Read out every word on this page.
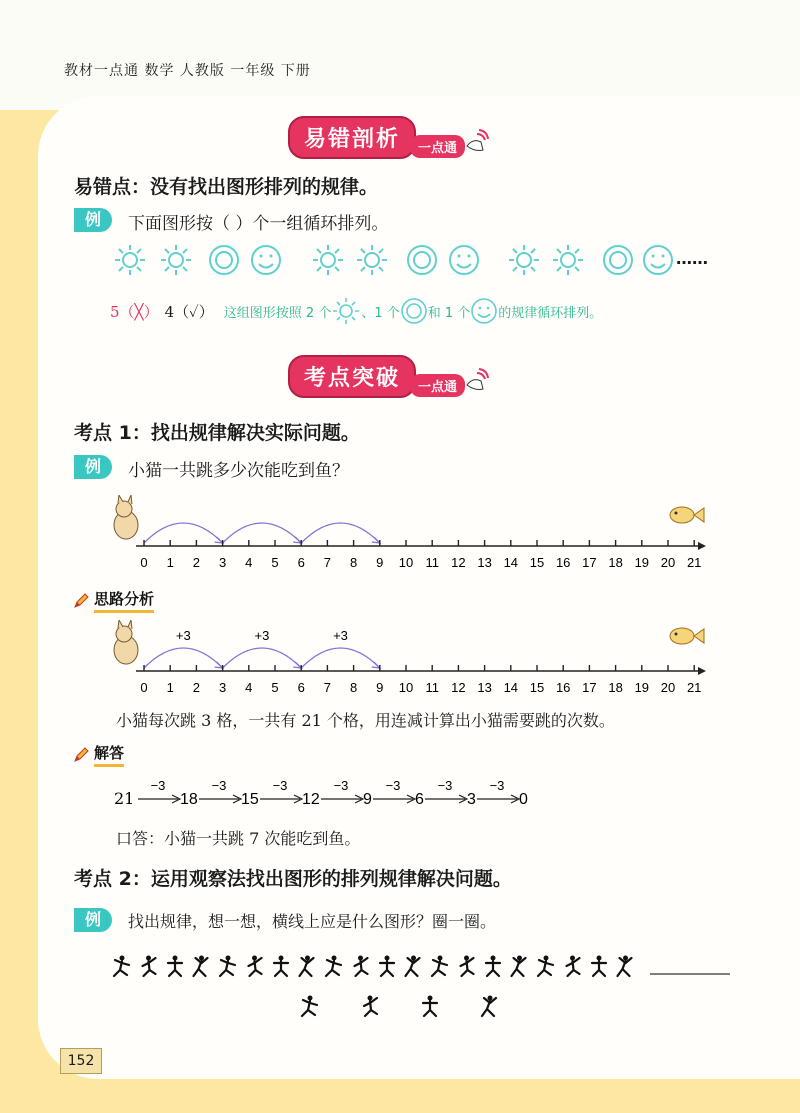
教材一点通 数学 人教版 一年级 下册
易错剖析	一点通
易错点：没有找出图形排列的规律。
例	下面图形按（ ）个一组循环排列。
……
5（╳） 4（✓） 这组图形按照 2 个 、1 个 和 1 个 的规律循环排列。
考点突破	一点通
考点 1：找出规律解决实际问题。
例	小猫一共跳多少次能吃到鱼？
0 1 2 3 4 5 6 7 8 9 10 11 12 13 14 15 16 17 18 19 20 21
思路分析
+3	+3	+3
0 1 2 3 4 5 6 7 8 9 10 11 12 13 14 15 16 17 18 19 20 21
小猫每次跳 3 格，一共有 21 个格，用连减计算出小猫需要跳的次数。
解答
21
−3
18
−3
15
−3
12
−3
9
−3
6
−3
3
−3
0
口答：小猫一共跳 7 次能吃到鱼。
考点 2：运用观察法找出图形的排列规律解决问题。
例	找出规律，想一想，横线上应是什么图形？圈一圈。
152
